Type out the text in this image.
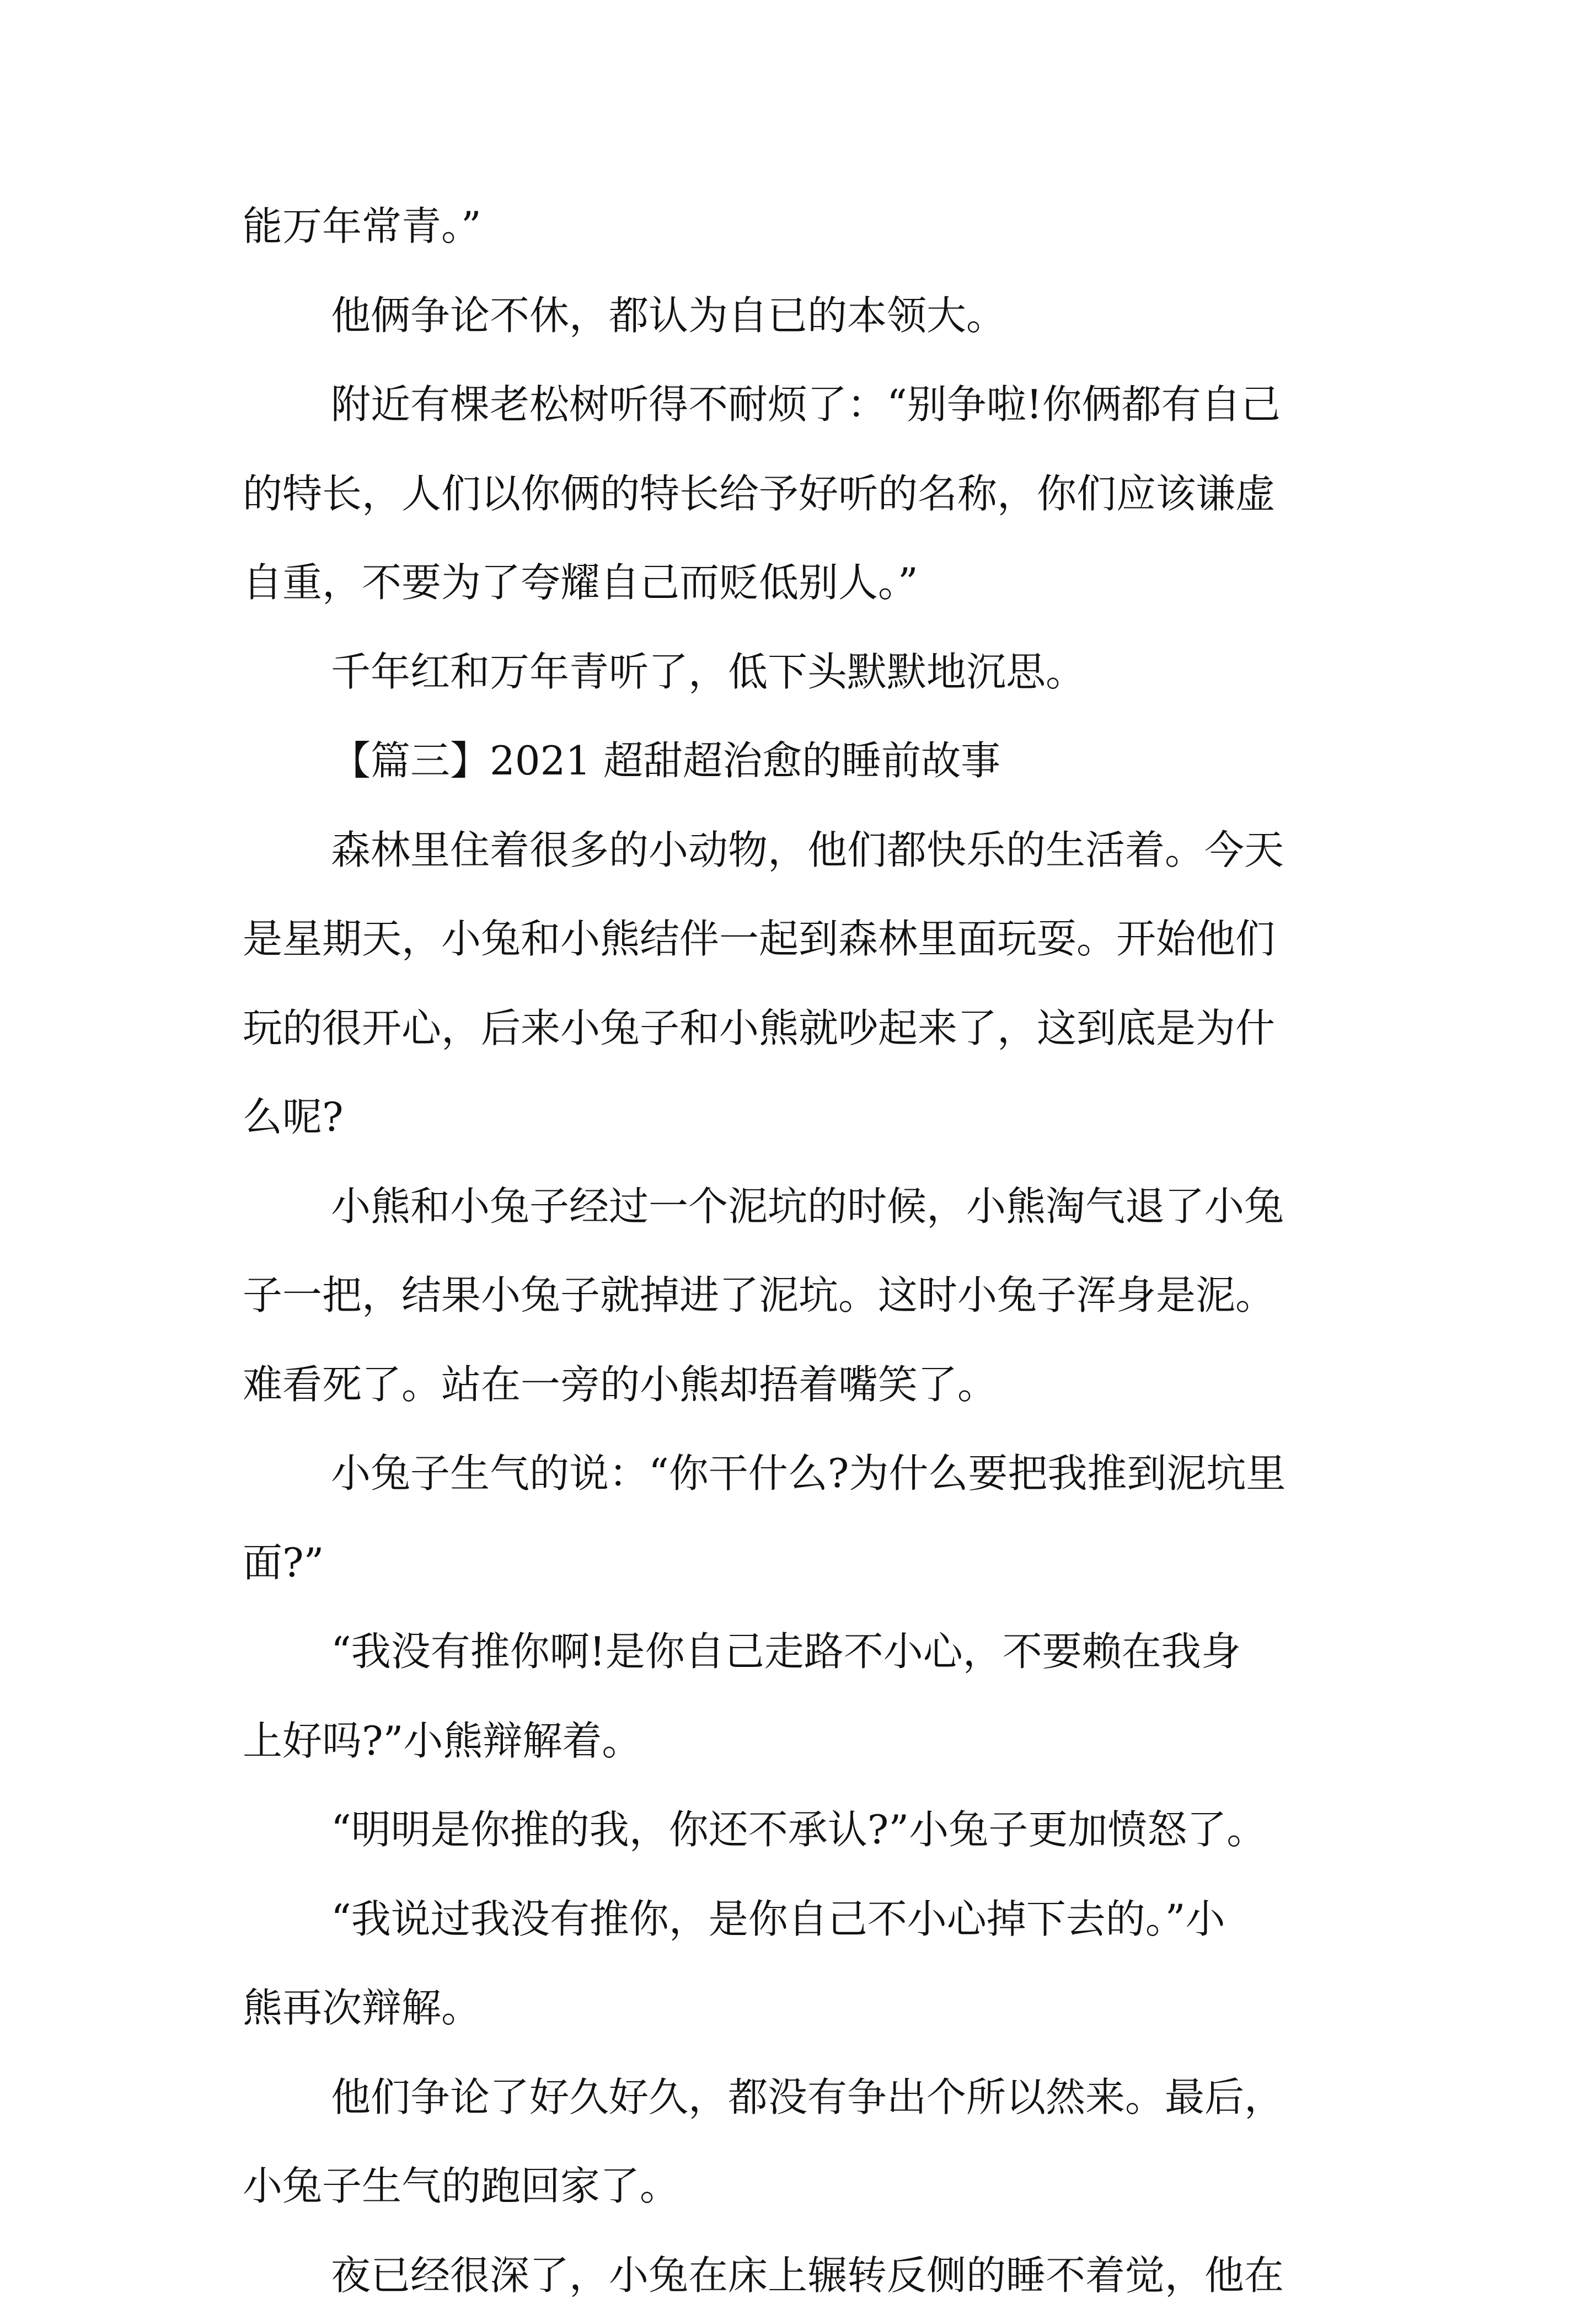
能万年常青。”
他俩争论不休，都认为自已的本领大。
附近有棵老松树听得不耐烦了：“别争啦!你俩都有自己
的特长，人们以你俩的特长给予好听的名称，你们应该谦虚
自重，不要为了夸耀自己而贬低别人。”
千年红和万年青听了，低下头默默地沉思。
【篇三】2021 超甜超治愈的睡前故事
森林里住着很多的小动物，他们都快乐的生活着。今天
是星期天，小兔和小熊结伴一起到森林里面玩耍。开始他们
玩的很开心，后来小兔子和小熊就吵起来了，这到底是为什
么呢?
小熊和小兔子经过一个泥坑的时候，小熊淘气退了小兔
子一把，结果小兔子就掉进了泥坑。这时小兔子浑身是泥。
难看死了。站在一旁的小熊却捂着嘴笑了。
小兔子生气的说：“你干什么?为什么要把我推到泥坑里
面?”
“我没有推你啊!是你自己走路不小心，不要赖在我身
上好吗?”小熊辩解着。
“明明是你推的我，你还不承认?”小兔子更加愤怒了。
“我说过我没有推你，是你自己不小心掉下去的。”小
熊再次辩解。
他们争论了好久好久，都没有争出个所以然来。最后，
小兔子生气的跑回家了。
夜已经很深了，小兔在床上辗转反侧的睡不着觉，他在
